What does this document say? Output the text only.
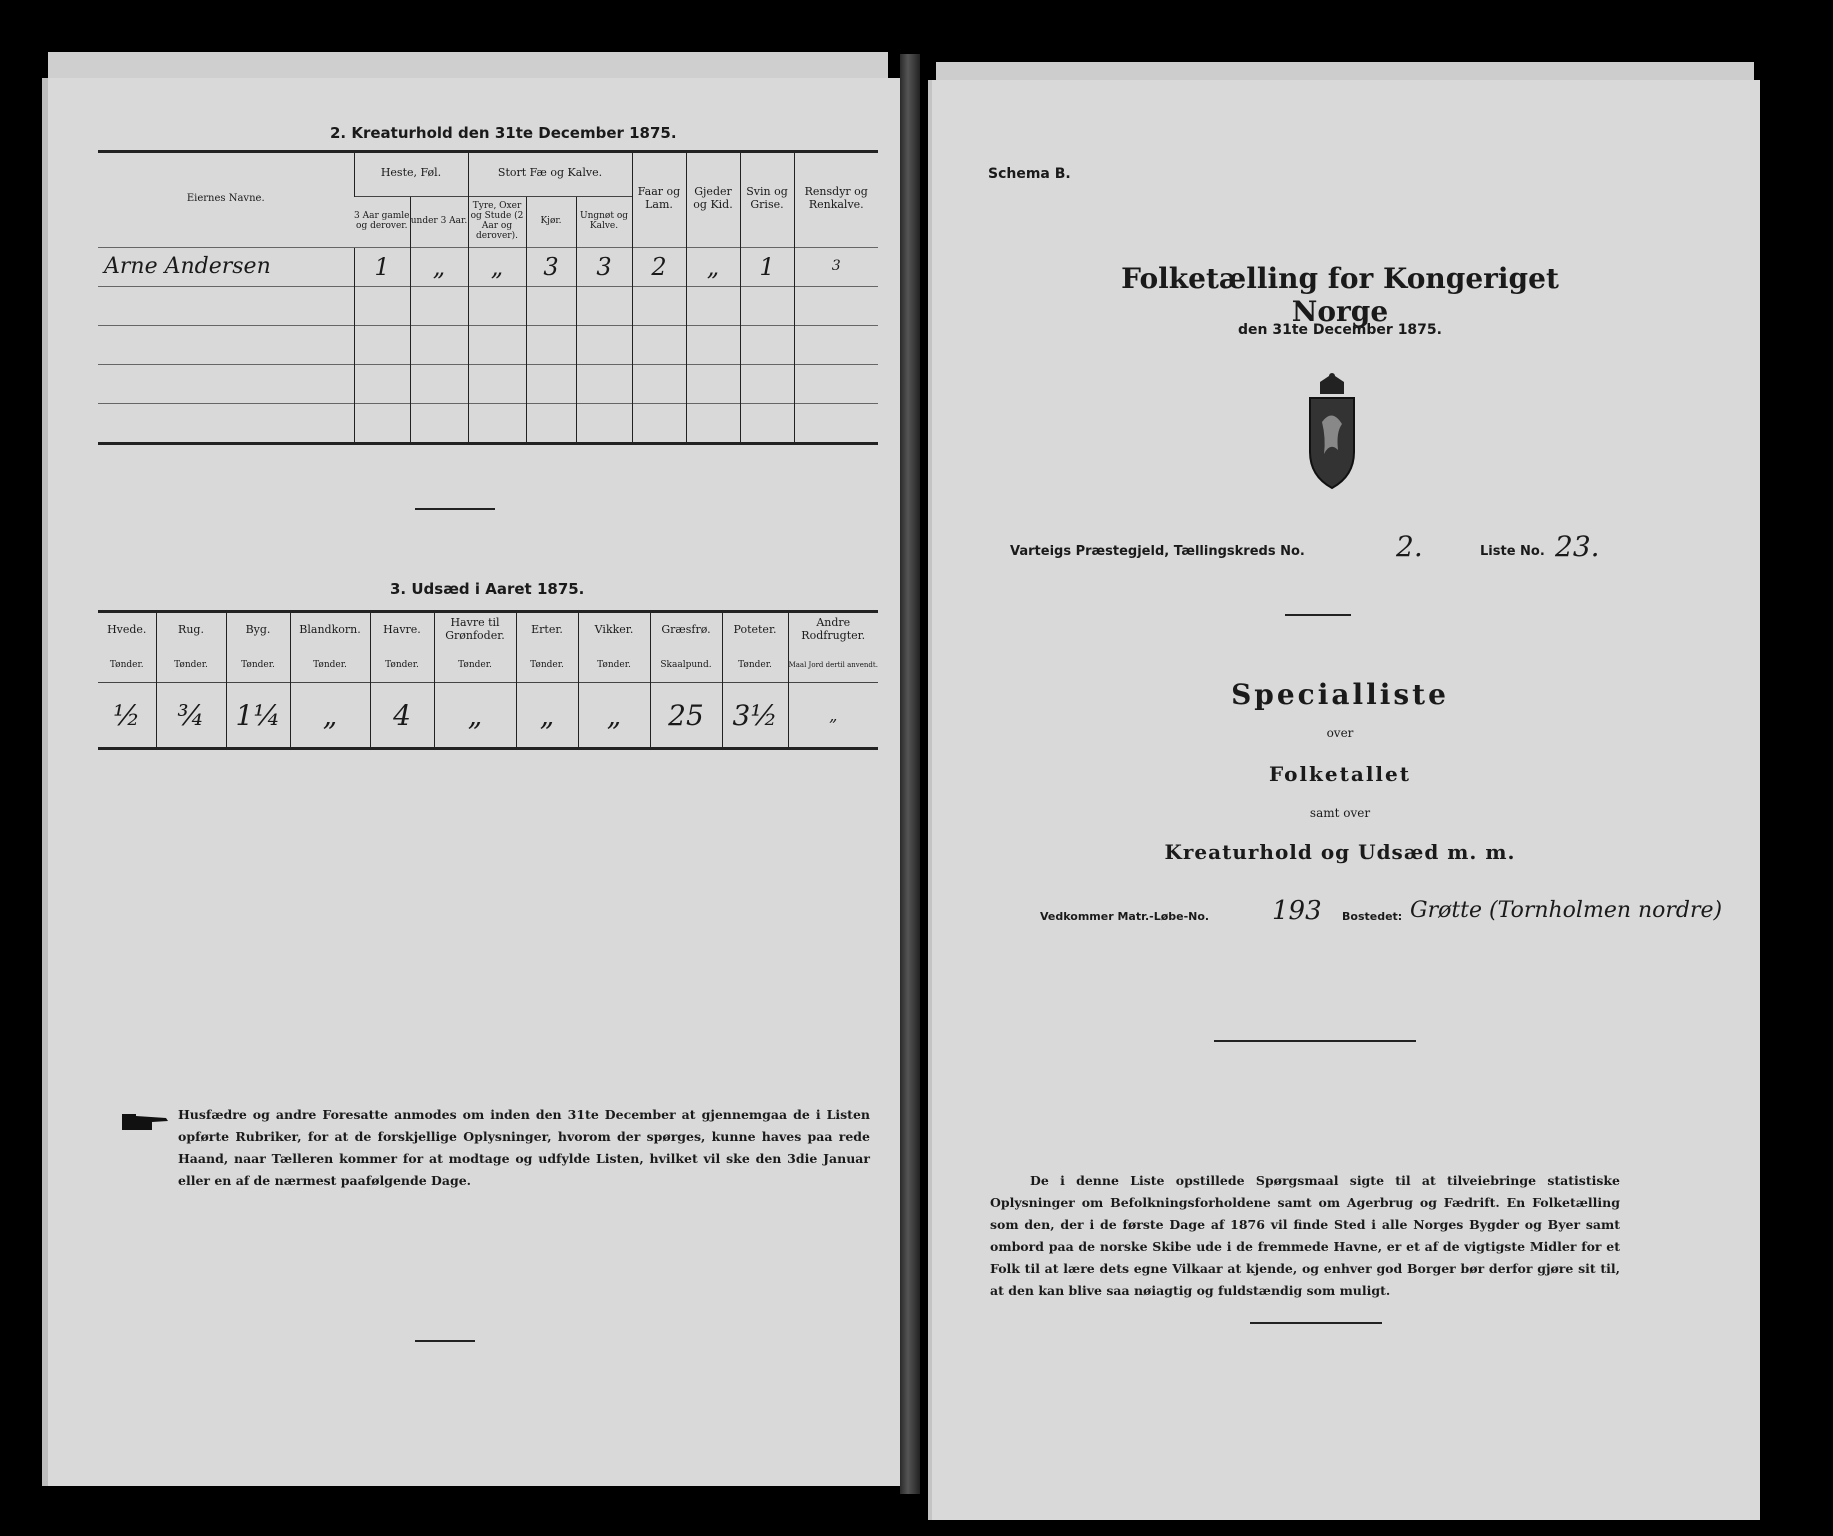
2. Kreaturhold den 31te December 1875.
Eiernes Navne.	Heste, Føl.		Stort Fæ og Kalve.			Faar og Lam.	Gjeder og Kid.	Svin og Grise.	Rensdyr og Renkalve.
	3 Aar gamle og derover.	under 3 Aar.	Tyre, Oxer og Stude (2 Aar og derover).	Kjør.	Ungnøt og Kalve.				
Arne Andersen	1	„	„	3	3	2	„	1	3

3. Udsæd i Aaret 1875.
Hvede.	Rug.	Byg.	Blandkorn.	Havre.	Havre til Grønfoder.	Erter.	Vikker.	Græsfrø.	Poteter.	Andre Rodfrugter.
Tønder.	Tønder.	Tønder.	Tønder.	Tønder.	Tønder.	Tønder.	Tønder.	Skaalpund.	Tønder.	Maal Jord dertil anvendt.
½	¾	1¼	„	4	„	„	„	25	3½	„
Husfædre og andre Foresatte anmodes om inden den 31te December at gjennemgaa de i Listen opførte Rubriker, for at de forskjellige Oplysninger, hvorom der spørges, kunne haves paa rede Haand, naar Tælleren kommer for at modtage og udfylde Listen, hvilket vil ske den 3die Januar eller en af de nærmest paafølgende Dage.
Schema B.
Folketælling for Kongeriget Norge
den 31te December 1875.
Varteigs Præstegjeld, Tællingskreds No.	2.	Liste No. 23.
Specialliste
over
Folketallet
samt over
Kreaturhold og Udsæd m. m.
Vedkommer Matr.-Løbe-No. 193 Bostedet: Grøtte (Tornholmen nordre)
De i denne Liste opstillede Spørgsmaal sigte til at tilveiebringe statistiske Oplysninger om Befolkningsforholdene samt om Agerbrug og Fædrift. En Folketælling som den, der i de første Dage af 1876 vil finde Sted i alle Norges Bygder og Byer samt ombord paa de norske Skibe ude i de fremmede Havne, er et af de vigtigste Midler for et Folk til at lære dets egne Vilkaar at kjende, og enhver god Borger bør derfor gjøre sit til, at den kan blive saa nøiagtig og fuldstændig som muligt.
